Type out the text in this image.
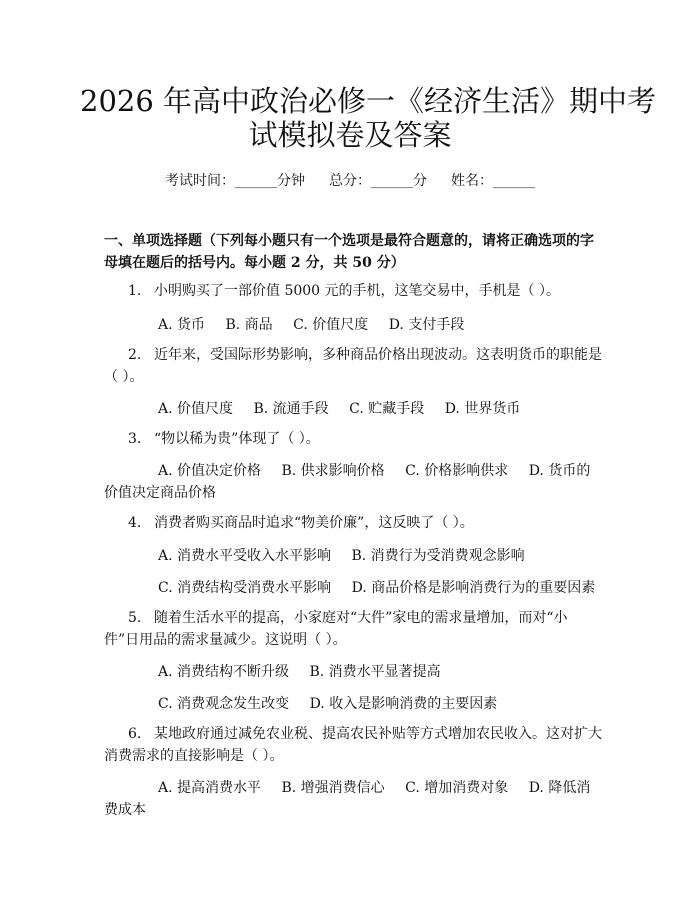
2026 年高中政治必修一《经济生活》期中考
试模拟卷及答案
考试时间：______分钟 总分：______分 姓名：______
一、单项选择题（下列每小题只有一个选项是最符合题意的，请将正确选项的字
母填在题后的括号内。每小题 2 分，共 50 分）
1. 小明购买了一部价值 5000 元的手机，这笔交易中，手机是（ ）。
A. 货币 B. 商品 C. 价值尺度 D. 支付手段
2. 近年来，受国际形势影响，多种商品价格出现波动。这表明货币的职能是
（ ）。
A. 价值尺度 B. 流通手段 C. 贮藏手段 D. 世界货币
3. “物以稀为贵”体现了（ ）。
A. 价值决定价格 B. 供求影响价格 C. 价格影响供求 D. 货币的
价值决定商品价格
4. 消费者购买商品时追求“物美价廉”，这反映了（ ）。
A. 消费水平受收入水平影响 B. 消费行为受消费观念影响
C. 消费结构受消费水平影响 D. 商品价格是影响消费行为的重要因素
5. 随着生活水平的提高，小家庭对“大件”家电的需求量增加，而对“小
件”日用品的需求量减少。这说明（ ）。
A. 消费结构不断升级 B. 消费水平显著提高
C. 消费观念发生改变 D. 收入是影响消费的主要因素
6. 某地政府通过减免农业税、提高农民补贴等方式增加农民收入。这对扩大
消费需求的直接影响是（ ）。
A. 提高消费水平 B. 增强消费信心 C. 增加消费对象 D. 降低消
费成本
